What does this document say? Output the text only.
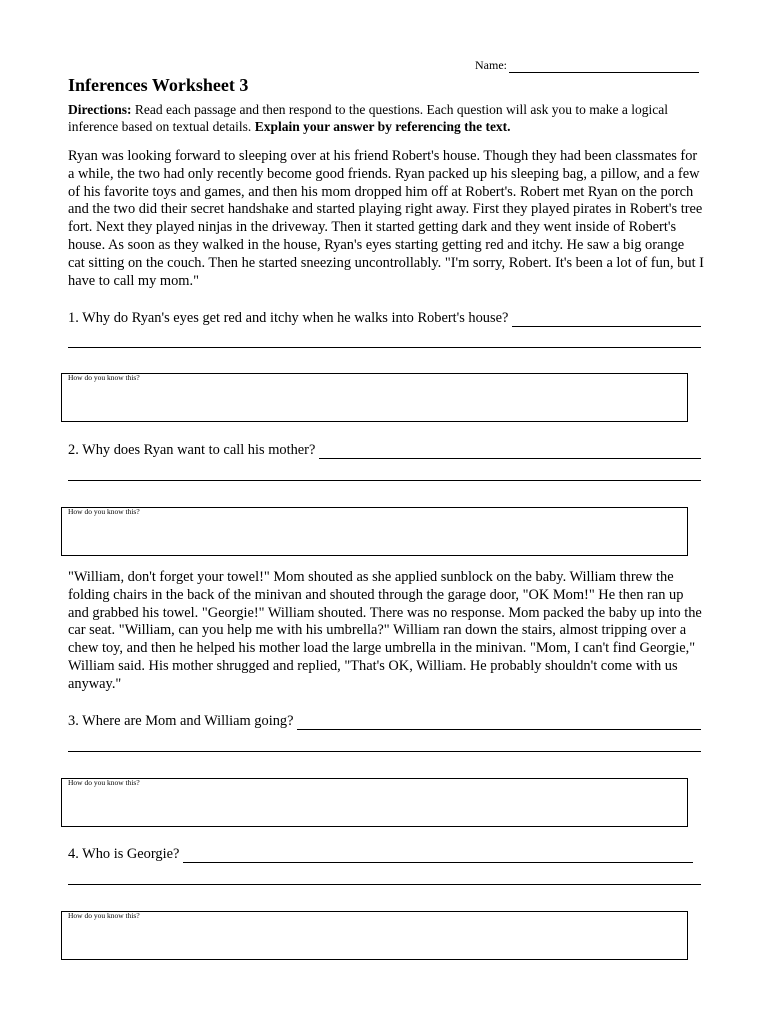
Name:
Inferences Worksheet 3
Directions: Read each passage and then respond to the questions. Each question will ask you to make a logical inference based on textual details. Explain your answer by referencing the text.
Ryan was looking forward to sleeping over at his friend Robert's house. Though they had been classmates for a while, the two had only recently become good friends. Ryan packed up his sleeping bag, a pillow, and a few of his favorite toys and games, and then his mom dropped him off at Robert's. Robert met Ryan on the porch and the two did their secret handshake and started playing right away. First they played pirates in Robert's tree fort. Next they played ninjas in the driveway. Then it started getting dark and they went inside of Robert's house. As soon as they walked in the house, Ryan's eyes starting getting red and itchy. He saw a big orange cat sitting on the couch. Then he started sneezing uncontrollably. "I'm sorry, Robert. It's been a lot of fun, but I have to call my mom."
1. Why do Ryan's eyes get red and itchy when he walks into Robert's house?
How do you know this?
2. Why does Ryan want to call his mother?
How do you know this?
"William, don't forget your towel!" Mom shouted as she applied sunblock on the baby. William threw the folding chairs in the back of the minivan and shouted through the garage door, "OK Mom!" He then ran up and grabbed his towel. "Georgie!" William shouted. There was no response. Mom packed the baby up into the car seat. "William, can you help me with his umbrella?" William ran down the stairs, almost tripping over a chew toy, and then he helped his mother load the large umbrella in the minivan. "Mom, I can't find Georgie," William said. His mother shrugged and replied, "That's OK, William. He probably shouldn't come with us anyway."
3. Where are Mom and William going?
How do you know this?
4. Who is Georgie?
How do you know this?
